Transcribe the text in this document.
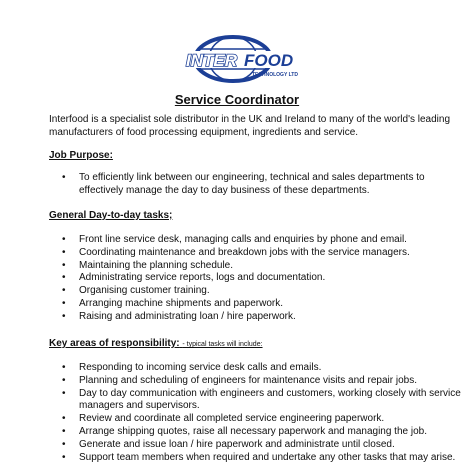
INTER FOOD
TECHNOLOGY LTD
Service Coordinator
Interfood is a specialist sole distributor in the UK and Ireland to many of the world's leading manufacturers of food processing equipment, ingredients and service.
Job Purpose:
• To efficiently link between our engineering, technical and sales departments to effectively manage the day to day business of these departments.
General Day-to-day tasks;
• Front line service desk, managing calls and enquiries by phone and email.
• Coordinating maintenance and breakdown jobs with the service managers.
• Maintaining the planning schedule.
• Administrating service reports, logs and documentation.
• Organising customer training.
• Arranging machine shipments and paperwork.
• Raising and administrating loan / hire paperwork.
Key areas of responsibility: - typical tasks will include:
• Responding to incoming service desk calls and emails.
• Planning and scheduling of engineers for maintenance visits and repair jobs.
• Day to day communication with engineers and customers, working closely with service managers and supervisors.
• Review and coordinate all completed service engineering paperwork.
• Arrange shipping quotes, raise all necessary paperwork and managing the job.
• Generate and issue loan / hire paperwork and administrate until closed.
• Support team members when required and undertake any other tasks that may arise.
